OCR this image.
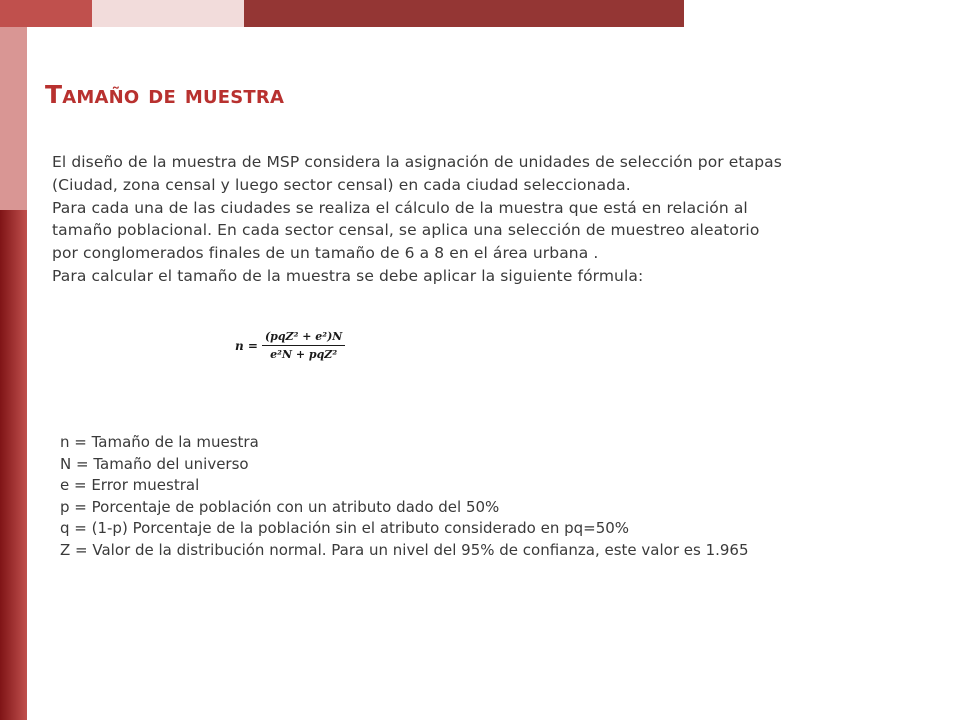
Tamaño de muestra
El diseño de la muestra de MSP considera la asignación de unidades de selección por etapas
(Ciudad, zona censal y luego sector censal) en cada ciudad seleccionada.
Para cada una de las ciudades se realiza el cálculo de la muestra que está en relación al
tamaño poblacional. En cada sector censal, se aplica una selección de muestreo aleatorio
por conglomerados finales de un tamaño de 6 a 8 en el área urbana .
Para calcular el tamaño de la muestra se debe aplicar la siguiente fórmula:
$n = \frac{\text{(pqZ² + e²)N}}{\text{e²N + pqZ²}}$
n = Tamaño de la muestra
N = Tamaño del universo
e = Error muestral
p = Porcentaje de población con un atributo dado del 50%
q = (1-p) Porcentaje de la población sin el atributo considerado en pq=50%
Z = Valor de la distribución normal. Para un nivel del 95% de confianza, este valor es 1.965
